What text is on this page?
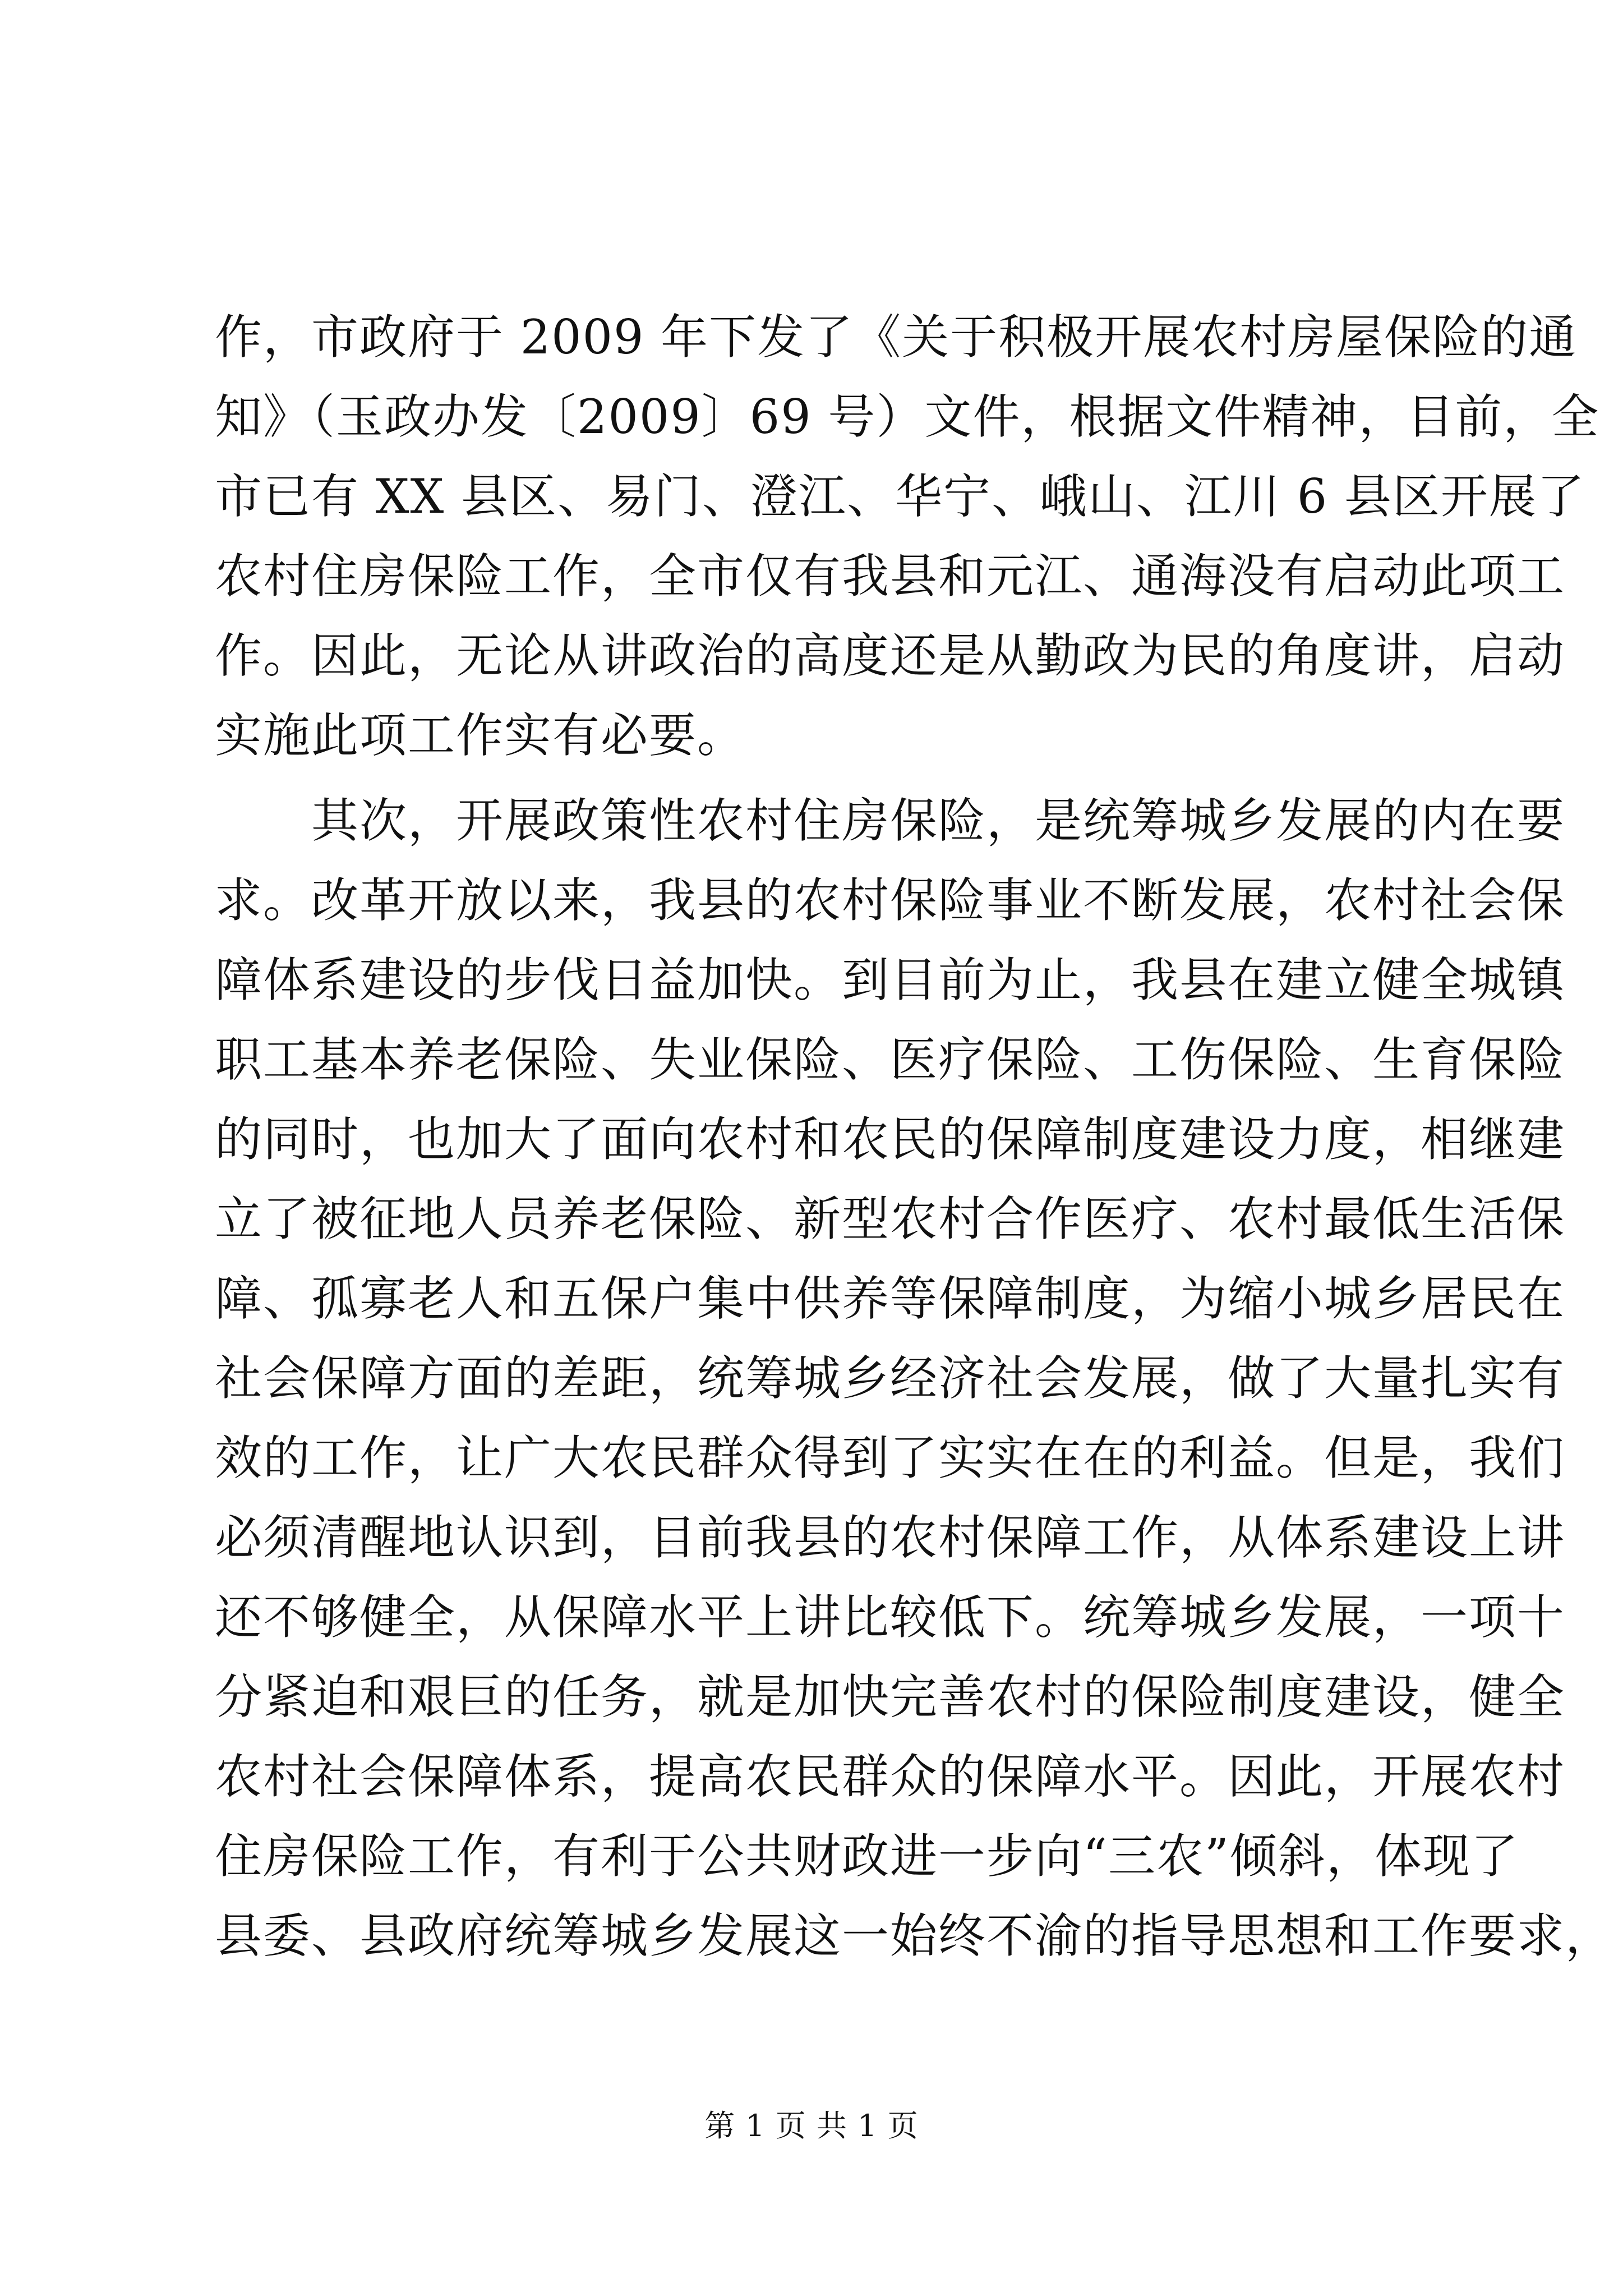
作，市政府于 2009 年下发了《关于积极开展农村房屋保险的通
知》（玉政办发〔2009〕69 号）文件，根据文件精神，目前，全
市已有 XX 县区、易门、澄江、华宁、峨山、江川 6 县区开展了
农村住房保险工作，全市仅有我县和元江、通海没有启动此项工
作。因此，无论从讲政治的高度还是从勤政为民的角度讲，启动
实施此项工作实有必要。
其次，开展政策性农村住房保险，是统筹城乡发展的内在要
求。改革开放以来，我县的农村保险事业不断发展，农村社会保
障体系建设的步伐日益加快。到目前为止，我县在建立健全城镇
职工基本养老保险、失业保险、医疗保险、工伤保险、生育保险
的同时，也加大了面向农村和农民的保障制度建设力度，相继建
立了被征地人员养老保险、新型农村合作医疗、农村最低生活保
障、孤寡老人和五保户集中供养等保障制度，为缩小城乡居民在
社会保障方面的差距，统筹城乡经济社会发展，做了大量扎实有
效的工作，让广大农民群众得到了实实在在的利益。但是，我们
必须清醒地认识到，目前我县的农村保障工作，从体系建设上讲
还不够健全，从保障水平上讲比较低下。统筹城乡发展，一项十
分紧迫和艰巨的任务，就是加快完善农村的保险制度建设，健全
农村社会保障体系，提高农民群众的保障水平。因此，开展农村
住房保险工作，有利于公共财政进一步向“三农”倾斜，体现了
县委、县政府统筹城乡发展这一始终不渝的指导思想和工作要求，
第 1 页 共 1 页
